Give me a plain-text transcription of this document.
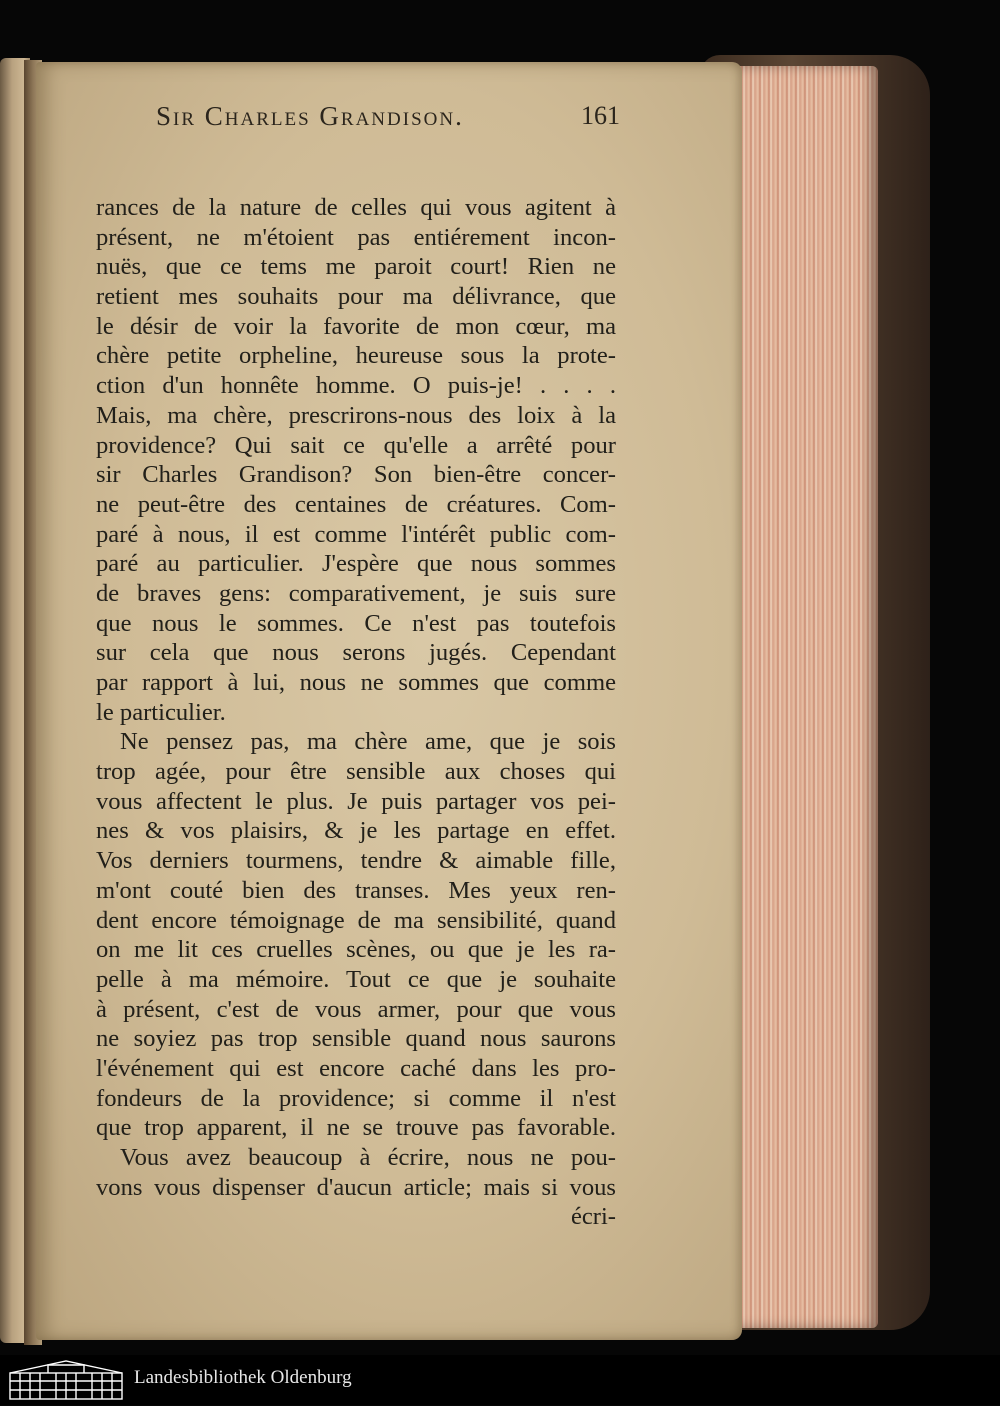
Sir Charles Grandison.	161
rances de la nature de celles qui vous agitent à
présent, ne m'étoient pas entiérement incon-
nuës, que ce tems me paroit court! Rien ne
retient mes souhaits pour ma délivrance, que
le désir de voir la favorite de mon cœur, ma
chère petite orpheline, heureuse sous la prote-
ction d'un honnête homme. O puis-je! . . . .
Mais, ma chère, prescrirons-nous des loix à la
providence? Qui sait ce qu'elle a arrêté pour
sir Charles Grandison? Son bien-être concer-
ne peut-être des centaines de créatures. Com-
paré à nous, il est comme l'intérêt public com-
paré au particulier. J'espère que nous sommes
de braves gens: comparativement, je suis sure
que nous le sommes. Ce n'est pas toutefois
sur cela que nous serons jugés. Cependant
par rapport à lui, nous ne sommes que comme
le particulier.
Ne pensez pas, ma chère ame, que je sois
trop agée, pour être sensible aux choses qui
vous affectent le plus. Je puis partager vos pei-
nes & vos plaisirs, & je les partage en effet.
Vos derniers tourmens, tendre & aimable fille,
m'ont couté bien des transes. Mes yeux ren-
dent encore témoignage de ma sensibilité, quand
on me lit ces cruelles scènes, ou que je les ra-
pelle à ma mémoire. Tout ce que je souhaite
à présent, c'est de vous armer, pour que vous
ne soyiez pas trop sensible quand nous saurons
l'événement qui est encore caché dans les pro-
fondeurs de la providence; si comme il n'est
que trop apparent, il ne se trouve pas favorable.
Vous avez beaucoup à écrire, nous ne pou-
vons vous dispenser d'aucun article; mais si vous
écri-
Landesbibliothek Oldenburg
